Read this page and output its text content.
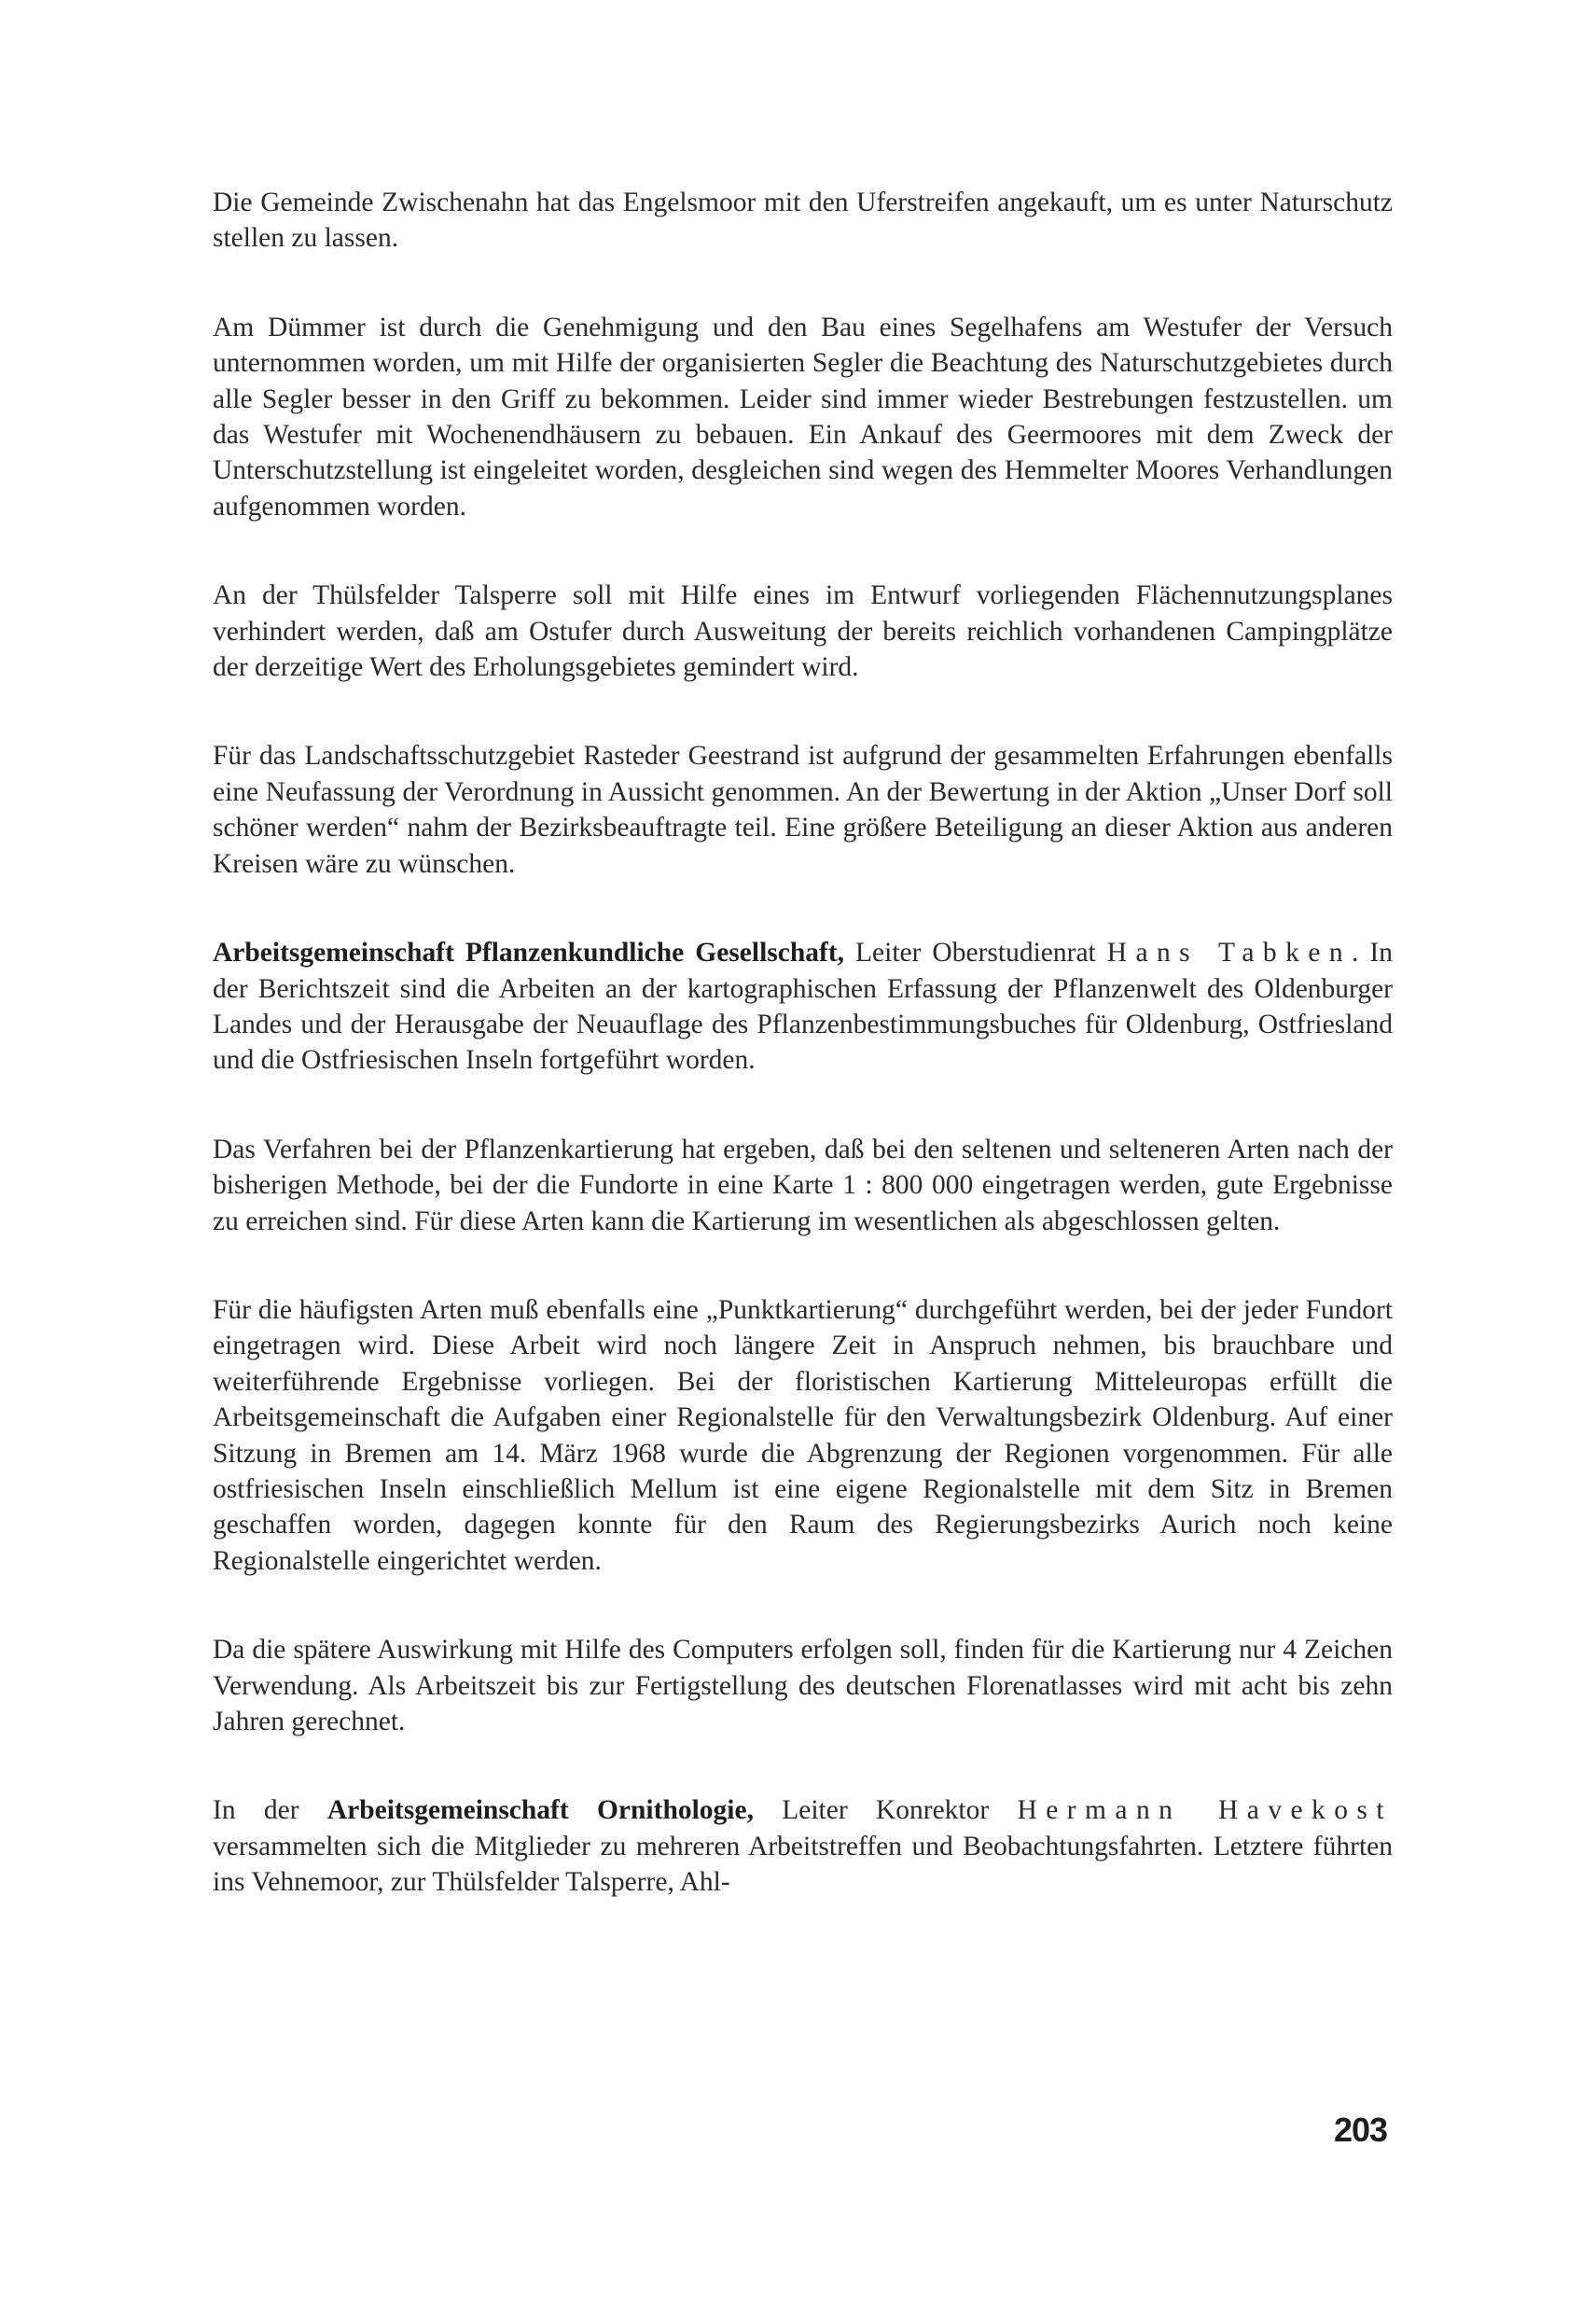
Die Gemeinde Zwischenahn hat das Engelsmoor mit den Uferstreifen angekauft, um es unter Naturschutz stellen zu lassen.

Am Dümmer ist durch die Genehmigung und den Bau eines Segelhafens am Westufer der Versuch unternommen worden, um mit Hilfe der organisierten Segler die Beachtung des Naturschutzgebietes durch alle Segler besser in den Griff zu bekommen. Leider sind immer wieder Bestrebungen festzustellen. um das Westufer mit Wochenendhäusern zu bebauen. Ein Ankauf des Geermoores mit dem Zweck der Unterschutzstellung ist eingeleitet worden, desgleichen sind wegen des Hemmelter Moores Verhandlungen aufgenommen worden.

An der Thülsfelder Talsperre soll mit Hilfe eines im Entwurf vorliegenden Flächennutzungsplanes verhindert werden, daß am Ostufer durch Ausweitung der bereits reichlich vorhandenen Campingplätze der derzeitige Wert des Erholungsgebietes gemindert wird.

Für das Landschaftsschutzgebiet Rasteder Geestrand ist aufgrund der gesammelten Erfahrungen ebenfalls eine Neufassung der Verordnung in Aussicht genommen. An der Bewertung in der Aktion „Unser Dorf soll schöner werden“ nahm der Bezirksbeauftragte teil. Eine größere Beteiligung an dieser Aktion aus anderen Kreisen wäre zu wünschen.

Arbeitsgemeinschaft Pflanzenkundliche Gesellschaft, Leiter Oberstudienrat Hans Tabken. In der Berichtszeit sind die Arbeiten an der kartographischen Erfassung der Pflanzenwelt des Oldenburger Landes und der Herausgabe der Neuauflage des Pflanzenbestimmungsbuches für Oldenburg, Ostfriesland und die Ostfriesischen Inseln fortgeführt worden.

Das Verfahren bei der Pflanzenkartierung hat ergeben, daß bei den seltenen und selteneren Arten nach der bisherigen Methode, bei der die Fundorte in eine Karte 1 : 800 000 eingetragen werden, gute Ergebnisse zu erreichen sind. Für diese Arten kann die Kartierung im wesentlichen als abgeschlossen gelten.

Für die häufigsten Arten muß ebenfalls eine „Punktkartierung“ durchgeführt werden, bei der jeder Fundort eingetragen wird. Diese Arbeit wird noch längere Zeit in Anspruch nehmen, bis brauchbare und weiterführende Ergebnisse vorliegen. Bei der floristischen Kartierung Mitteleuropas erfüllt die Arbeitsgemeinschaft die Aufgaben einer Regionalstelle für den Verwaltungsbezirk Oldenburg. Auf einer Sitzung in Bremen am 14. März 1968 wurde die Abgrenzung der Regionen vorgenommen. Für alle ostfriesischen Inseln einschließlich Mellum ist eine eigene Regionalstelle mit dem Sitz in Bremen geschaffen worden, dagegen konnte für den Raum des Regierungsbezirks Aurich noch keine Regionalstelle eingerichtet werden.

Da die spätere Auswirkung mit Hilfe des Computers erfolgen soll, finden für die Kartierung nur 4 Zeichen Verwendung. Als Arbeitszeit bis zur Fertigstellung des deutschen Florenatlasses wird mit acht bis zehn Jahren gerechnet.

In der Arbeitsgemeinschaft Ornithologie, Leiter Konrektor Hermann Havekost versammelten sich die Mitglieder zu mehreren Arbeitstreffen und Beobachtungsfahrten. Letztere führten ins Vehnemoor, zur Thülsfelder Talsperre, Ahl-

203
